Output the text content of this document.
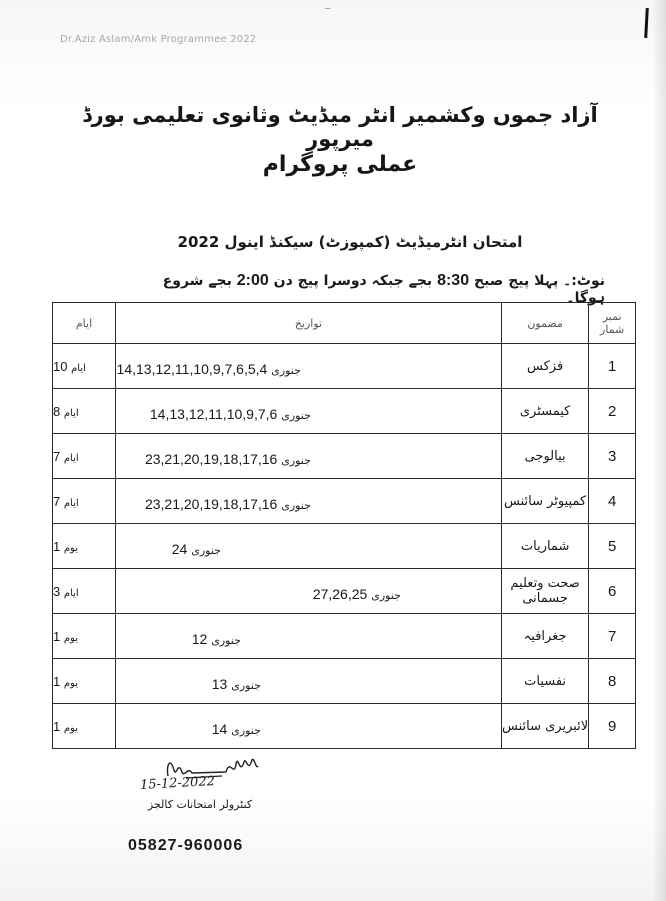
ـ‌ـ
Dr.Aziz Aslam/Amk Programmee 2022
آزاد جموں وکشمیر انٹر میڈیٹ وثانوی تعلیمی بورڈ میرپور
عملی پروگرام
امتحان انٹرمیڈیٹ (کمپوزٹ) سیکنڈ اینول 2022
نوٹ:۔ پہلا پیج صبح 8:30 بجے جبکہ دوسرا پیج دن 2:00 بجے شروع ہوگا۔
نمبر شمار	مضمون	تواریخ	ایام
1	فزکس	14,13,12,11,10,9,7,6,5,4 جنوری	10 ایام
2	کیمسٹری	14,13,12,11,10,9,7,6 جنوری	8 ایام
3	بیالوجی	23,21,20,19,18,17,16 جنوری	7 ایام
4	کمپیوٹر سائنس	23,21,20,19,18,17,16 جنوری	7 ایام
5	شماریات	24 جنوری	1 یوم
6	صحت وتعلیم جسمانی	27,26,25 جنوری	3 ایام
7	جغرافیہ	12 جنوری	1 یوم
8	نفسیات	13 جنوری	1 یوم
9	لائبریری سائنس	14 جنوری	1 یوم
15-12-2022
کنٹرولر امتحانات کالجز
05827-960006
